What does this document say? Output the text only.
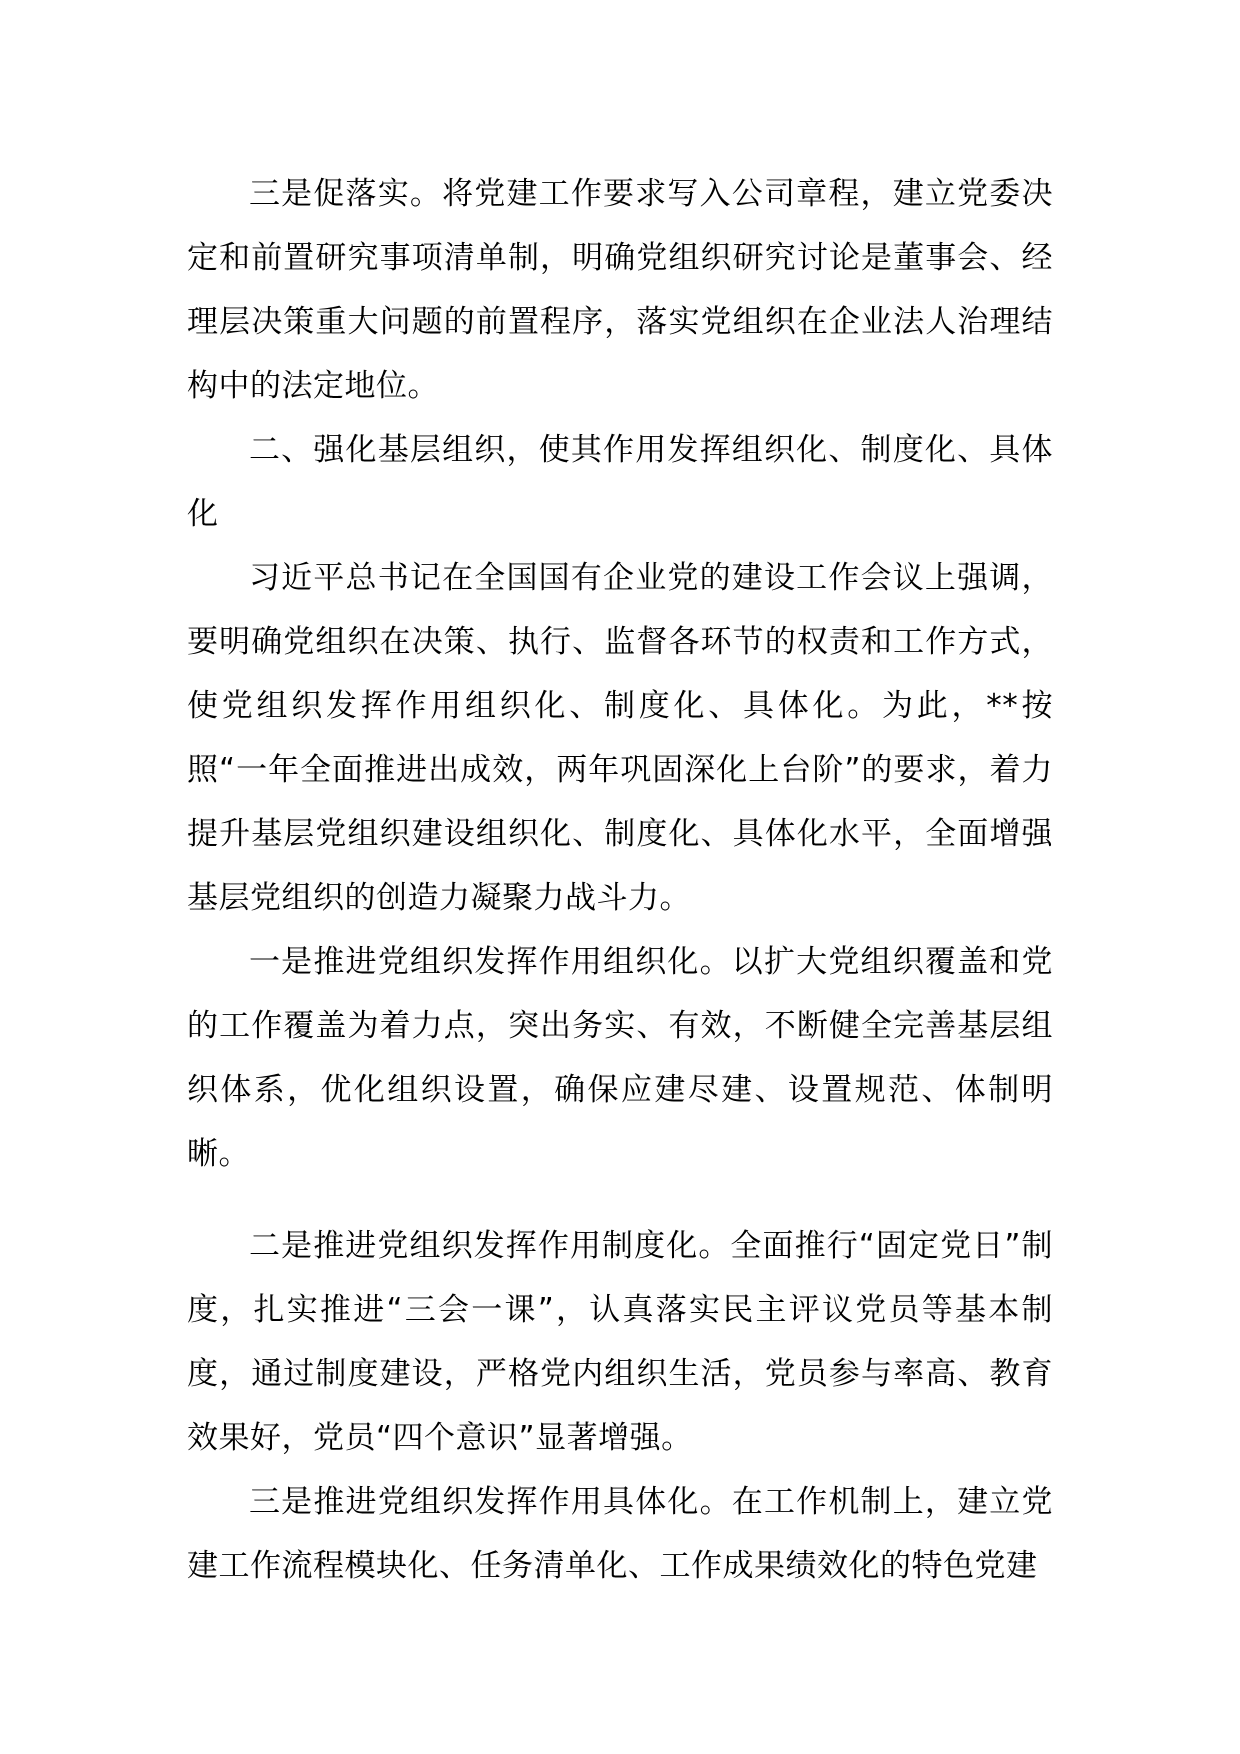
三是促落实。将党建工作要求写入公司章程，建立党委决定和前置研究事项清单制，明确党组织研究讨论是董事会、经理层决策重大问题的前置程序，落实党组织在企业法人治理结构中的法定地位。

二、强化基层组织，使其作用发挥组织化、制度化、具体化

习近平总书记在全国国有企业党的建设工作会议上强调，要明确党组织在决策、执行、监督各环节的权责和工作方式，使党组织发挥作用组织化、制度化、具体化。为此，**按照“一年全面推进出成效，两年巩固深化上台阶”的要求，着力提升基层党组织建设组织化、制度化、具体化水平，全面增强基层党组织的创造力凝聚力战斗力。

一是推进党组织发挥作用组织化。以扩大党组织覆盖和党的工作覆盖为着力点，突出务实、有效，不断健全完善基层组织体系，优化组织设置，确保应建尽建、设置规范、体制明晰。

二是推进党组织发挥作用制度化。全面推行“固定党日”制度，扎实推进“三会一课”，认真落实民主评议党员等基本制度，通过制度建设，严格党内组织生活，党员参与率高、教育效果好，党员“四个意识”显著增强。

三是推进党组织发挥作用具体化。在工作机制上，建立党建工作流程模块化、任务清单化、工作成果绩效化的特色党建
